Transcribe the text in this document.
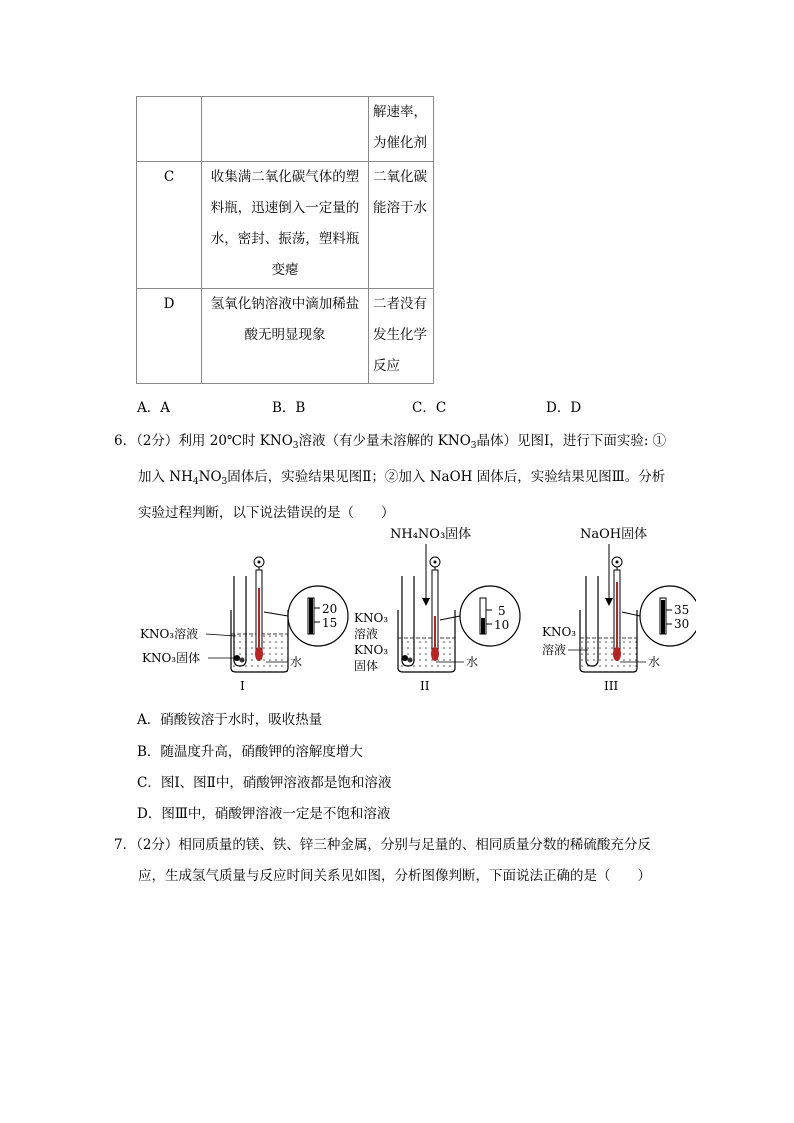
		解速率，为催化剂
C	收集满二氧化碳气体的塑料瓶，迅速倒入一定量的水，密封、振荡，塑料瓶变瘪	二氧化碳能溶于水
D	氢氧化钠溶液中滴加稀盐酸无明显现象	二者没有发生化学反应
A．A	B．B	C．C	D．D
6．（2分）利用 20℃时 $KNO_3$溶液（有少量未溶解的 $KNO_3$晶体）见图Ⅰ，进行下面实验: ①
加入 $NH_4NO_3$固体后，实验结果见图Ⅱ；②加入 NaOH 固体后，实验结果见图Ⅲ。分析
实验过程判断，以下说法错误的是（　　）
20
15
KNO₃溶液
KNO₃固体	水
I
NH₄NO₃固体
5
10
KNO₃
溶液
KNO₃
固体	水
II
NaOH固体
35
30
KNO₃
溶液
水
III
A．硝酸铵溶于水时，吸收热量
B．随温度升高，硝酸钾的溶解度增大
C．图Ⅰ、图Ⅱ中，硝酸钾溶液都是饱和溶液
D．图Ⅲ中，硝酸钾溶液一定是不饱和溶液
7．（2分）相同质量的镁、铁、锌三种金属，分别与足量的、相同质量分数的稀硫酸充分反
应，生成氢气质量与反应时间关系见如图，分析图像判断，下面说法正确的是（　　）
